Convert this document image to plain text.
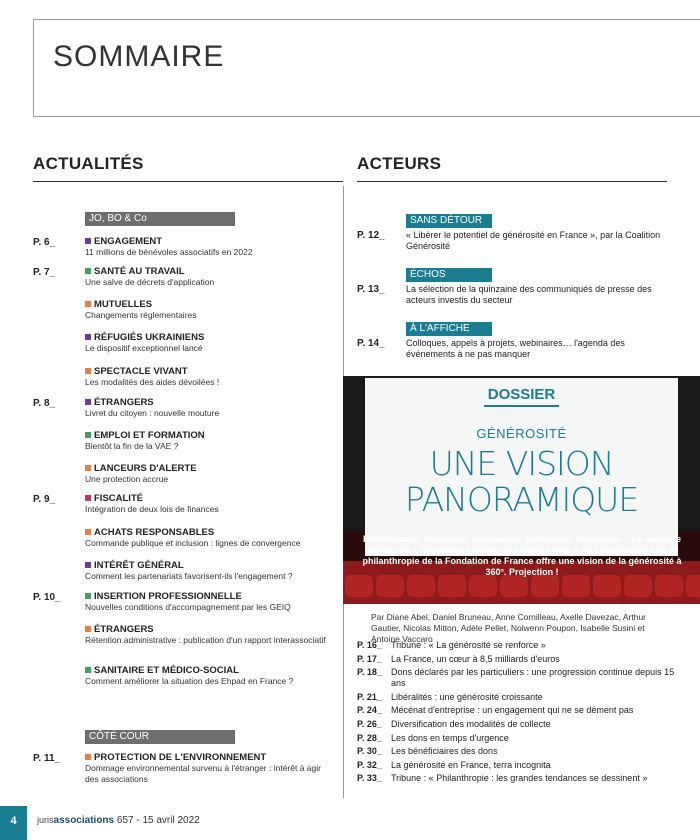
SOMMAIRE
ACTUALITÉS	ACTEURS
JO, BO & Co
P. 6_	ENGAGEMENT
11 millions de bénévoles associatifs en 2022
P. 7_	SANTÉ AU TRAVAIL
Une salve de décrets d'application
MUTUELLES
Changements réglementaires
RÉFUGIÉS UKRAINIENS
Le dispositif exceptionnel lancé
SPECTACLE VIVANT
Les modalités des aides dévoilées !
P. 8_	ÉTRANGERS
Livret du citoyen : nouvelle mouture
EMPLOI ET FORMATION
Bientôt la fin de la VAE ?
LANCEURS D'ALERTE
Une protection accrue
P. 9_	FISCALITÉ
Intégration de deux lois de finances
ACHATS RESPONSABLES
Commande publique et inclusion : lignes de convergence
INTÉRÊT GÉNÉRAL
Comment les partenariats favorisent-ils l'engagement ?
P. 10_	INSERTION PROFESSIONNELLE
Nouvelles conditions d'accompagnement par les GEIQ
ÉTRANGERS
Rétention administrative : publication d'un rapport interassociatif
SANITAIRE ET MÉDICO-SOCIAL
Comment améliorer la situation des Ehpad en France ?
CÔTÉ COUR
P. 11_	PROTECTION DE L'ENVIRONNEMENT
Dommage environnemental survenu à l'étranger : intérêt à agir des associations
SANS DÉTOUR
P. 12_ « Libérer le potentiel de générosité en France », par la Coalition Générosité
ÉCHOS
P. 13_ La sélection de la quinzaine des communiqués de presse des acteurs investis du secteur
À L'AFFICHE
P. 14_ Colloques, appels à projets, webinaires… l'agenda des événements à ne pas manquer
DOSSIER
GÉNÉROSITÉ
UNE VISION
PANORAMIQUE
Bénéficiaires, donateurs, ressources, évolutions, tendances… La seconde édition du « Panorama national des générosités » de l'Observatoire de la philanthropie de la Fondation de France offre une vision de la générosité à 360°. Projection !
Par Diane Abel, Daniel Bruneau, Anne Cornilleau, Axelle Davezac, Arthur Gautier, Nicolas Mitton, Adèle Pellet, Nolwenn Poupon, Isabelle Susini et Antoine Vaccaro
P. 16_	Tribune : « La générosité se renforce »
P. 17_	La France, un cœur à 8,5 milliards d'euros
P. 18_	Dons déclarés par les particuliers : une progression continue depuis 15 ans
P. 21_	Libéralités : une générosité croissante
P. 24_	Mécénat d'entreprise : un engagement qui ne se dément pas
P. 26_	Diversification des modalités de collecte
P. 28_	Les dons en temps d'urgence
P. 30_	Les bénéficiaires des dons
P. 32_	La générosité en France, terra incognita
P. 33_	Tribune : « Philanthropie : les grandes tendances se dessinent »
4	jurisassociations 657 - 15 avril 2022
